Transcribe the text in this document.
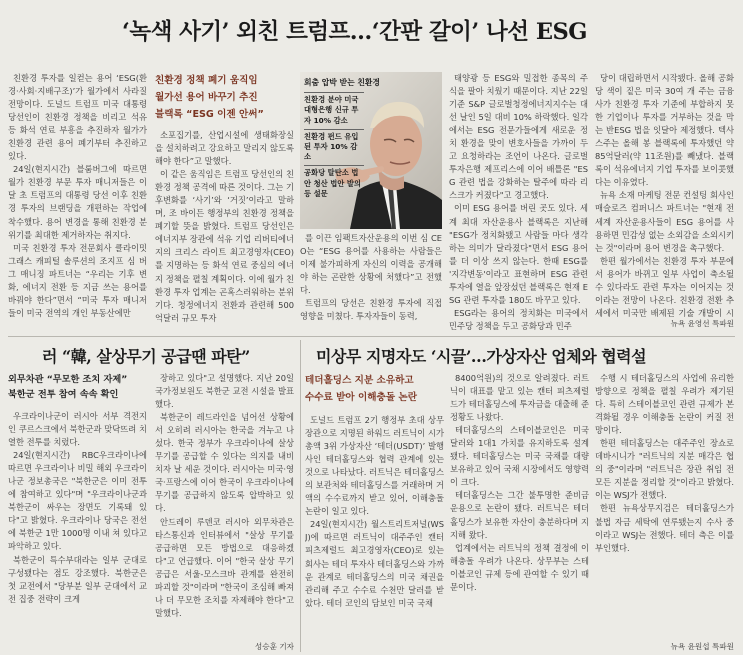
‘녹색 사기’ 외친 트럼프…‘간판 갈이’ 나선 ESG

친환경 투자를 일컫는 용어 ‘ESG(환경·사회·지배구조)’가 월가에서 사라질 전망이다. 도널드 트럼프 미국 대통령 당선인이 친환경 정책을 비리고 석유 등 화석 연료 부흥을 추진하자 월가가 친환경 관련 용어 폐기부터 추진하고 있다.

24일(현지시간) 블룸버그에 따르면 월가 친환경 부문 투자 매니저들은 이달 초 트럼프의 대통령 당선 이후 친환경 투자의 브랜딩을 개편하는 작업에 착수했다. 용어 변경을 통해 친환경 분위기를 최대한 제거하자는 취지다.

미국 친환경 투자 전문회사 클라이밋 그래스 캐피털 솔루션의 조지프 심 버그 매니징 파트너는 “우리는 기후 변화, 에너지 전환 등 지금 쓰는 용어를 바꿔야 한다”면서 “미국 투자 매니저들이 미국 전역의 개인 부동산에만

친환경 정책 폐기 움직임
월가선 용어 바꾸기 추진
블랙록 “ESG 이젠 안써”

소포집기를, 산업시설에 생태화장실을 설치하려고 강요하고 말리지 않도록 해야 한다”고 말했다.

이 같은 움직임은 트럼프 당선인의 친환경 정책 공격에 따른 것이다. 그는 기후변화를 ‘사기’와 ‘거짓’이라고 말하며, 조 바이든 행정부의 친환경 정책을 폐기할 뜻을 밝혔다. 트럼프 당선인은 에너지부 장관에 석유 기업 리버티에너지의 크리스 라이트 최고경영자(CEO)를 지명하는 등 화석 연료 중심의 에너지 정책을 펼칠 계획이다. 이에 월가 친환경 투자 업계는 곤혹스러워하는 분위기다. 청정에너지 전환과 관련해 500억달러 규모 투자

회춤 압박 받는 친환경
친환경 분야 미국 대형은행 신규 투자 10% 감소
친환경 펀드 유입된 투자 10% 감소
공화당 탈탄소 법안 청산 법안 발의 등 설문

를 이끈 임팩트자산운용의 이번 심 CEO는 “ESG 용어를 사용하는 사람들은 이제 불가피하게 자신의 이력을 공개해야 하는 곤란한 상황에 처했다”고 전했다.

트럼프의 당선은 친환경 투자에 직접 영향을 미쳤다. 투자자들이 동력,

태양광 등 ESG와 밀접한 종목의 주식을 팔아 치웠기 때문이다. 지난 22일 기준 S&P 글로벌청정에너지지수는 대선 날인 5일 대비 10% 하락했다. 일각에서는 ESG 전문가들에게 새로운 정치 환경을 맞이 변호사들을 가까이 두고 요청하라는 조언이 나온다. 글로벌 투자은행 제프리스에 이어 배틀론 "ESG 관련 법을 강화하는 탈주에 따라 리스크가 커졌다"고 경고했다.

이미 ESG 용어를 버린 곳도 있다. 세계 최대 자산운용사 블랙록은 지난해 "ESG가 정치화됐고 사람들 마다 생각하는 의미가 달라졌다"면서 ESG 용어를 더 이상 쓰지 않는다. 한때 ESG를 '지각변동'이라고 표현하며 ESG 관련 투자에 열을 앞장섰던 블랙록은 현재 ESG 관련 투자를 180도 바꾸고 있다.

ESG라는 용어의 정치화는 미국에서 민주당 정책을 두고 공화당과 민주

당이 대립하면서 시작됐다. 올해 공화당 색이 짙은 미국 30여 개 주는 금융사가 친환경 투자 기준에 부합하지 못한 기업이나 투자를 거부하는 것을 막는 반ESG 법을 잇달아 제정했다. 텍사스주는 올해 봉 블랙록에 투자했던 약 85억달러(약 11조원)를 빼냈다. 블랙록이 석유에너지 기업 투자를 보이콧했다는 이유였다.

뉴욕 소재 마케팅 전문 컨설팅 회사인 매슬로즈 컴퍼니스 파트너는 "현재 전 세계 자산운용사들이 ESG 용어를 사용하면 민감성 없는 소외감을 소외시키는 것"이라며 용어 변경을 촉구했다.

한편 월가에서는 친환경 투자 부문에서 용어가 바뀌고 일부 사업이 축소될 수 있다라도 관련 투자는 이어지는 것이라는 전망이 나온다. 친환경 전환 추세에서 미국만 배제된 기술 개발이 시

뉴욕 윤영선 특파원
러 “韓, 살상무기 공급땐 파탄”
외무차관 “무모한 조치 자제”
북한군 전투 참여 속속 확인

우크라이나군이 러시아 서부 격전지인 쿠르스크에서 북한군과 맞닥뜨려 치열한 전투를 치렀다.

24일(현지시간) RBC우크라이나에 따르면 우크라이나 비밀 해외 우크라이나군 정보총국은 "북한군은 이미 전투에 참여하고 있다"며 "우크라이나군과 북한군이 싸우는 장면도 기록돼 있다"고 밝혔다. 우크라이나 당국은 전선에 북한군 1만 1000명 이내 쳐 있다고 파악하고 있다.

북한군이 특수부대라는 일부 군대로 구성됐다는 점도 강조했다. 북한군은 첫 교전에서 "당부분 일부 군대에서 교전 집중 전략이 크게

장하고 있다"고 설명했다. 지난 20일 국가정보원도 북한군 교전 시설을 발표했다.

북한군이 레드라인을 넘어선 상황에서 오히려 러시아는 한국을 겨누고 나섰다. 한국 정부가 우크라이나에 살상 무기를 공급할 수 있다는 의지를 내비치자 날 세운 것이다. 러시아는 미국·영국·프랑스에 이어 한국이 우크라이나에 무기를 공급하지 않도록 압박하고 있다.

안드레이 루덴코 러시아 외무차관은 타스통신과 인터뷰에서 "살상 무기를 공급하면 모든 방법으로 대응하겠다"고 언급했다. 이어 "한국 살상 무기 공급은 서울-모스크바 관계를 완전히 파괴할 것"이라며 "한국이 조심해 빠져나 더 무모한 조치를 자제해야 한다"고 말했다.

성승훈 기자
미상무 지명자도 ‘시끌’…가상자산 업체와 협력설
테더홀딩스 지분 소유하고
수수료 받아 이해충돌 논란

도널드 트럼프 2기 행정부 초대 상무장관으로 지명된 하워드 러트닉이 시가총액 3위 가상자산 ‘테더(USDT)’ 발행사인 테더홀딩스와 협력 관계에 있는 것으로 나타났다. 러트닉은 테더홀딩스의 보관처와 테더홀딩스를 거래하며 거액의 수수료까지 받고 있어, 이해충돌 논란이 일고 있다.

24일(현지시간) 월스트리트저널(WSJ)에 따르면 러트닉이 대주주인 캔터 피츠제럴드 최고경영자(CEO)로 있는 회사는 테더 투자사 테더홀딩스와 가까운 관계로 테더홀딩스의 미국 채권을 관리해 주고 수수료 수천만 달러를 받았다. 테더 코인의 담보인 미국 국채

8400억원)의 것으로 알려졌다. 러트닉이 대표를 맡고 있는 캔터 피츠제럴드가 테더홀딩스에 투자금을 대출해 준 정황도 나왔다.

테더홀딩스의 스테이블코인은 미국 달러와 1대1 가치를 유지하도록 설계됐다. 테더홀딩스는 미국 국채를 대량 보유하고 있어 국채 시장에서도 영향력이 크다.

테더홀딩스는 그간 불투명한 준비금 운용으로 논란이 됐다. 러트닉은 테더홀딩스가 보유한 자산이 충분하다며 지지해 왔다.

업계에서는 러트닉의 정책 결정에 이해충돌 우려가 나온다. 상무부는 스테이블코인 규제 등에 관여할 수 있기 때문이다.

수행 시 테더홀딩스의 사업에 유리한 방향으로 정책을 펼칠 우려가 제기된다. 특히 스테이블코인 관련 규제가 본격화될 경우 이해충돌 논란이 커질 전망이다.

한편 테더홀딩스는 대주주인 장쇼로 데바시니가 "러트닉의 지분 매각은 협의 중"이라며 "러트닉은 장관 취임 전 모든 지분을 정리할 것"이라고 밝혔다. 이는 WSJ가 전했다.

한편 뉴욕상무지검은 테더홀딩스가 불법 자금 세탁에 연루됐는지 수사 중이라고 WSJ는 전했다. 테더 측은 이를 부인했다.

뉴욕 윤원섭 특파원
